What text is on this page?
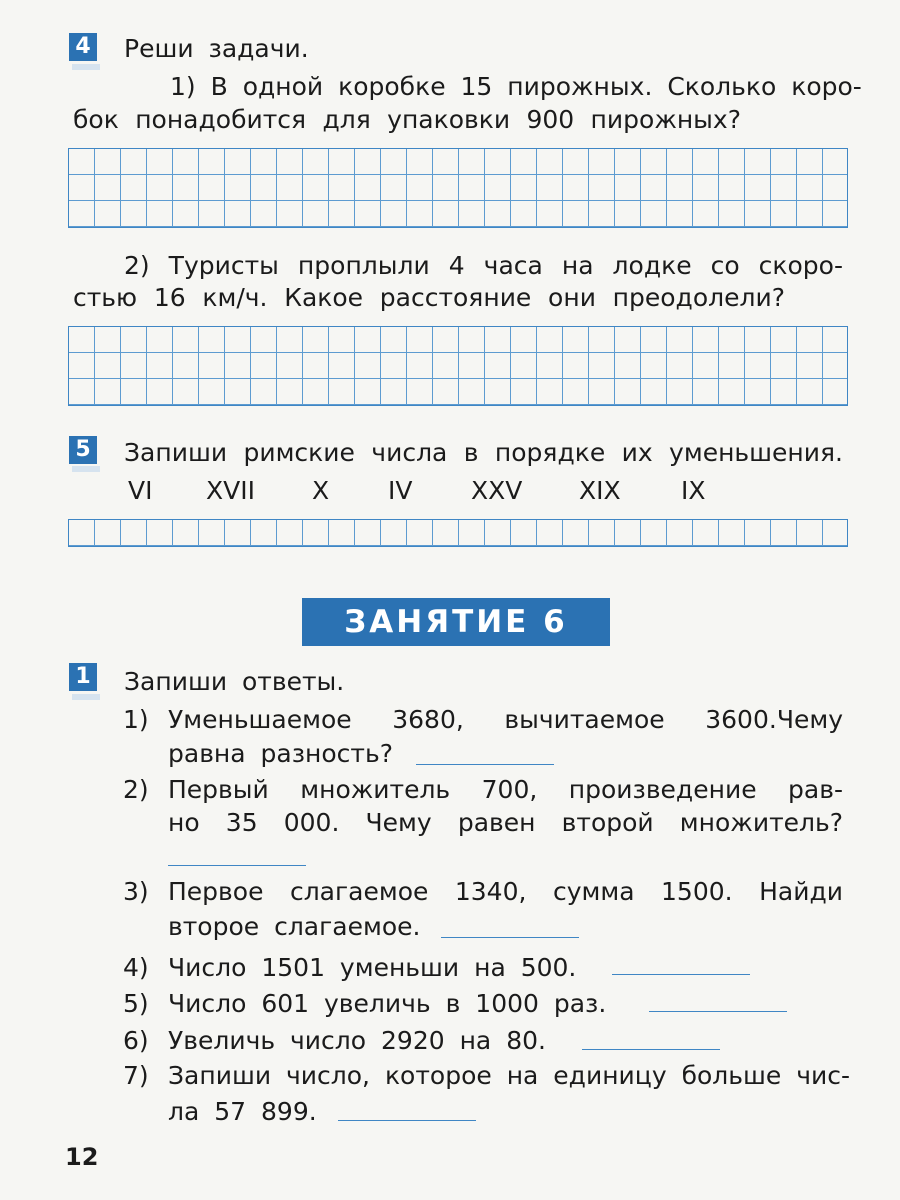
4 Реши задачи.
1) В одной коробке 15 пирожных. Сколько коро-
бок понадобится для упаковки 900 пирожных?
2) Туристы проплыли 4 часа на лодке со скоро-
стью 16 км/ч. Какое расстояние они преодолели?
5 Запиши римские числа в порядке их уменьшения.
VI XVII X IV XXV XIX IX
ЗАНЯТИЕ 6
1 Запиши ответы.
1) Уменьшаемое 3680, вычитаемое 3600.Чему
равна разность?
2) Первый множитель 700, произведение рав-
но 35 000. Чему равен второй множитель?
3) Первое слагаемое 1340, сумма 1500. Найди
второе слагаемое.
4) Число 1501 уменьши на 500.
5) Число 601 увеличь в 1000 раз.
6) Увеличь число 2920 на 80.
7) Запиши число, которое на единицу больше чис-
ла 57 899.
12
